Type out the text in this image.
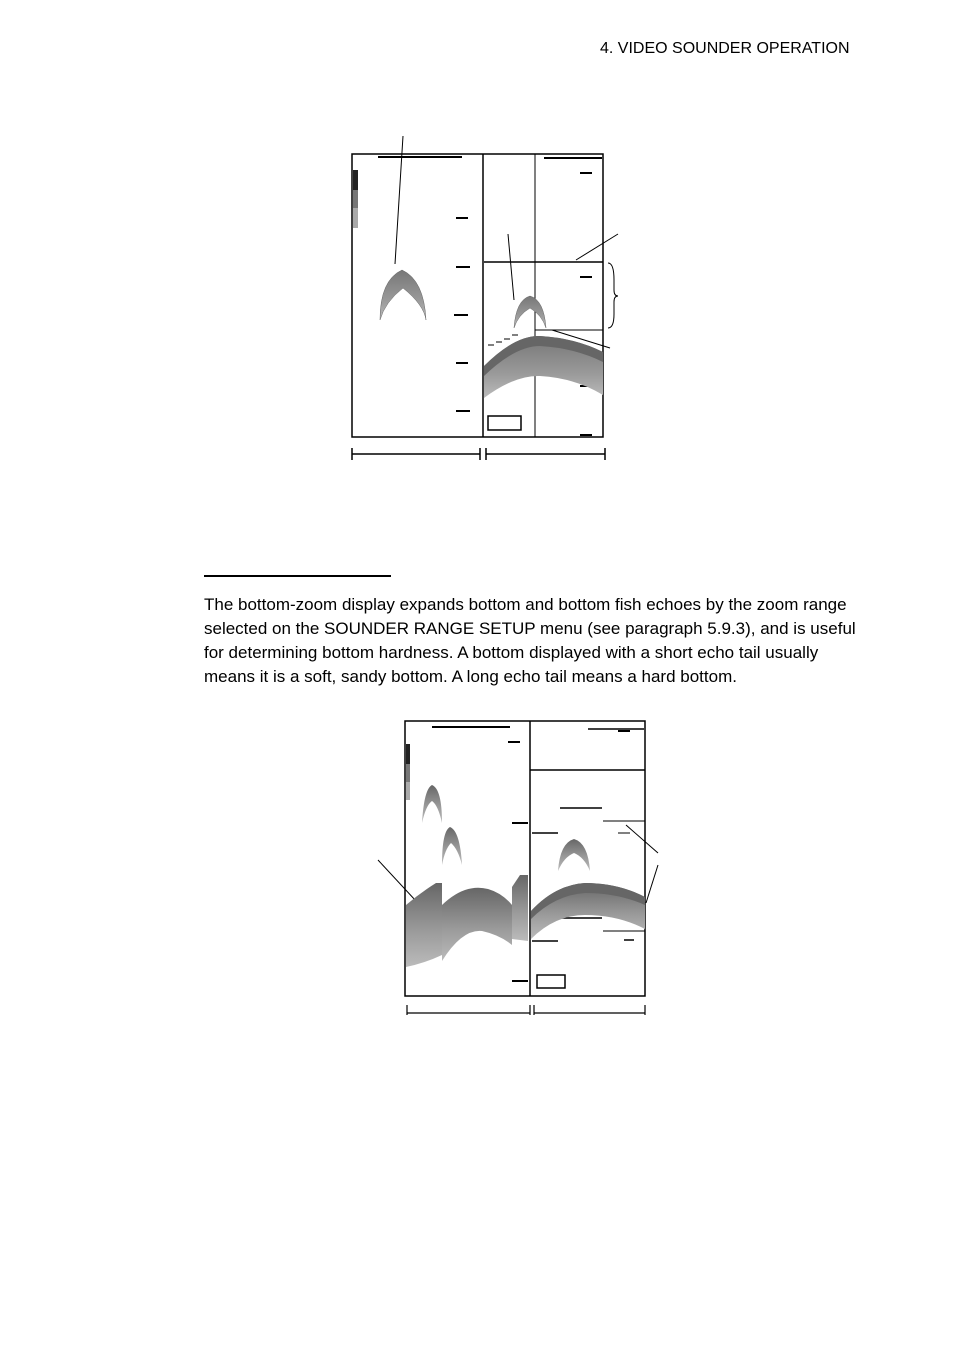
4. VIDEO SOUNDER OPERATION

The bottom-zoom display expands bottom and bottom fish echoes by the zoom range selected on the SOUNDER RANGE SETUP menu (see paragraph 5.9.3), and is useful for determining bottom hardness. A bottom displayed with a short echo tail usually means it is a soft, sandy bottom. A long echo tail means a hard bottom.
